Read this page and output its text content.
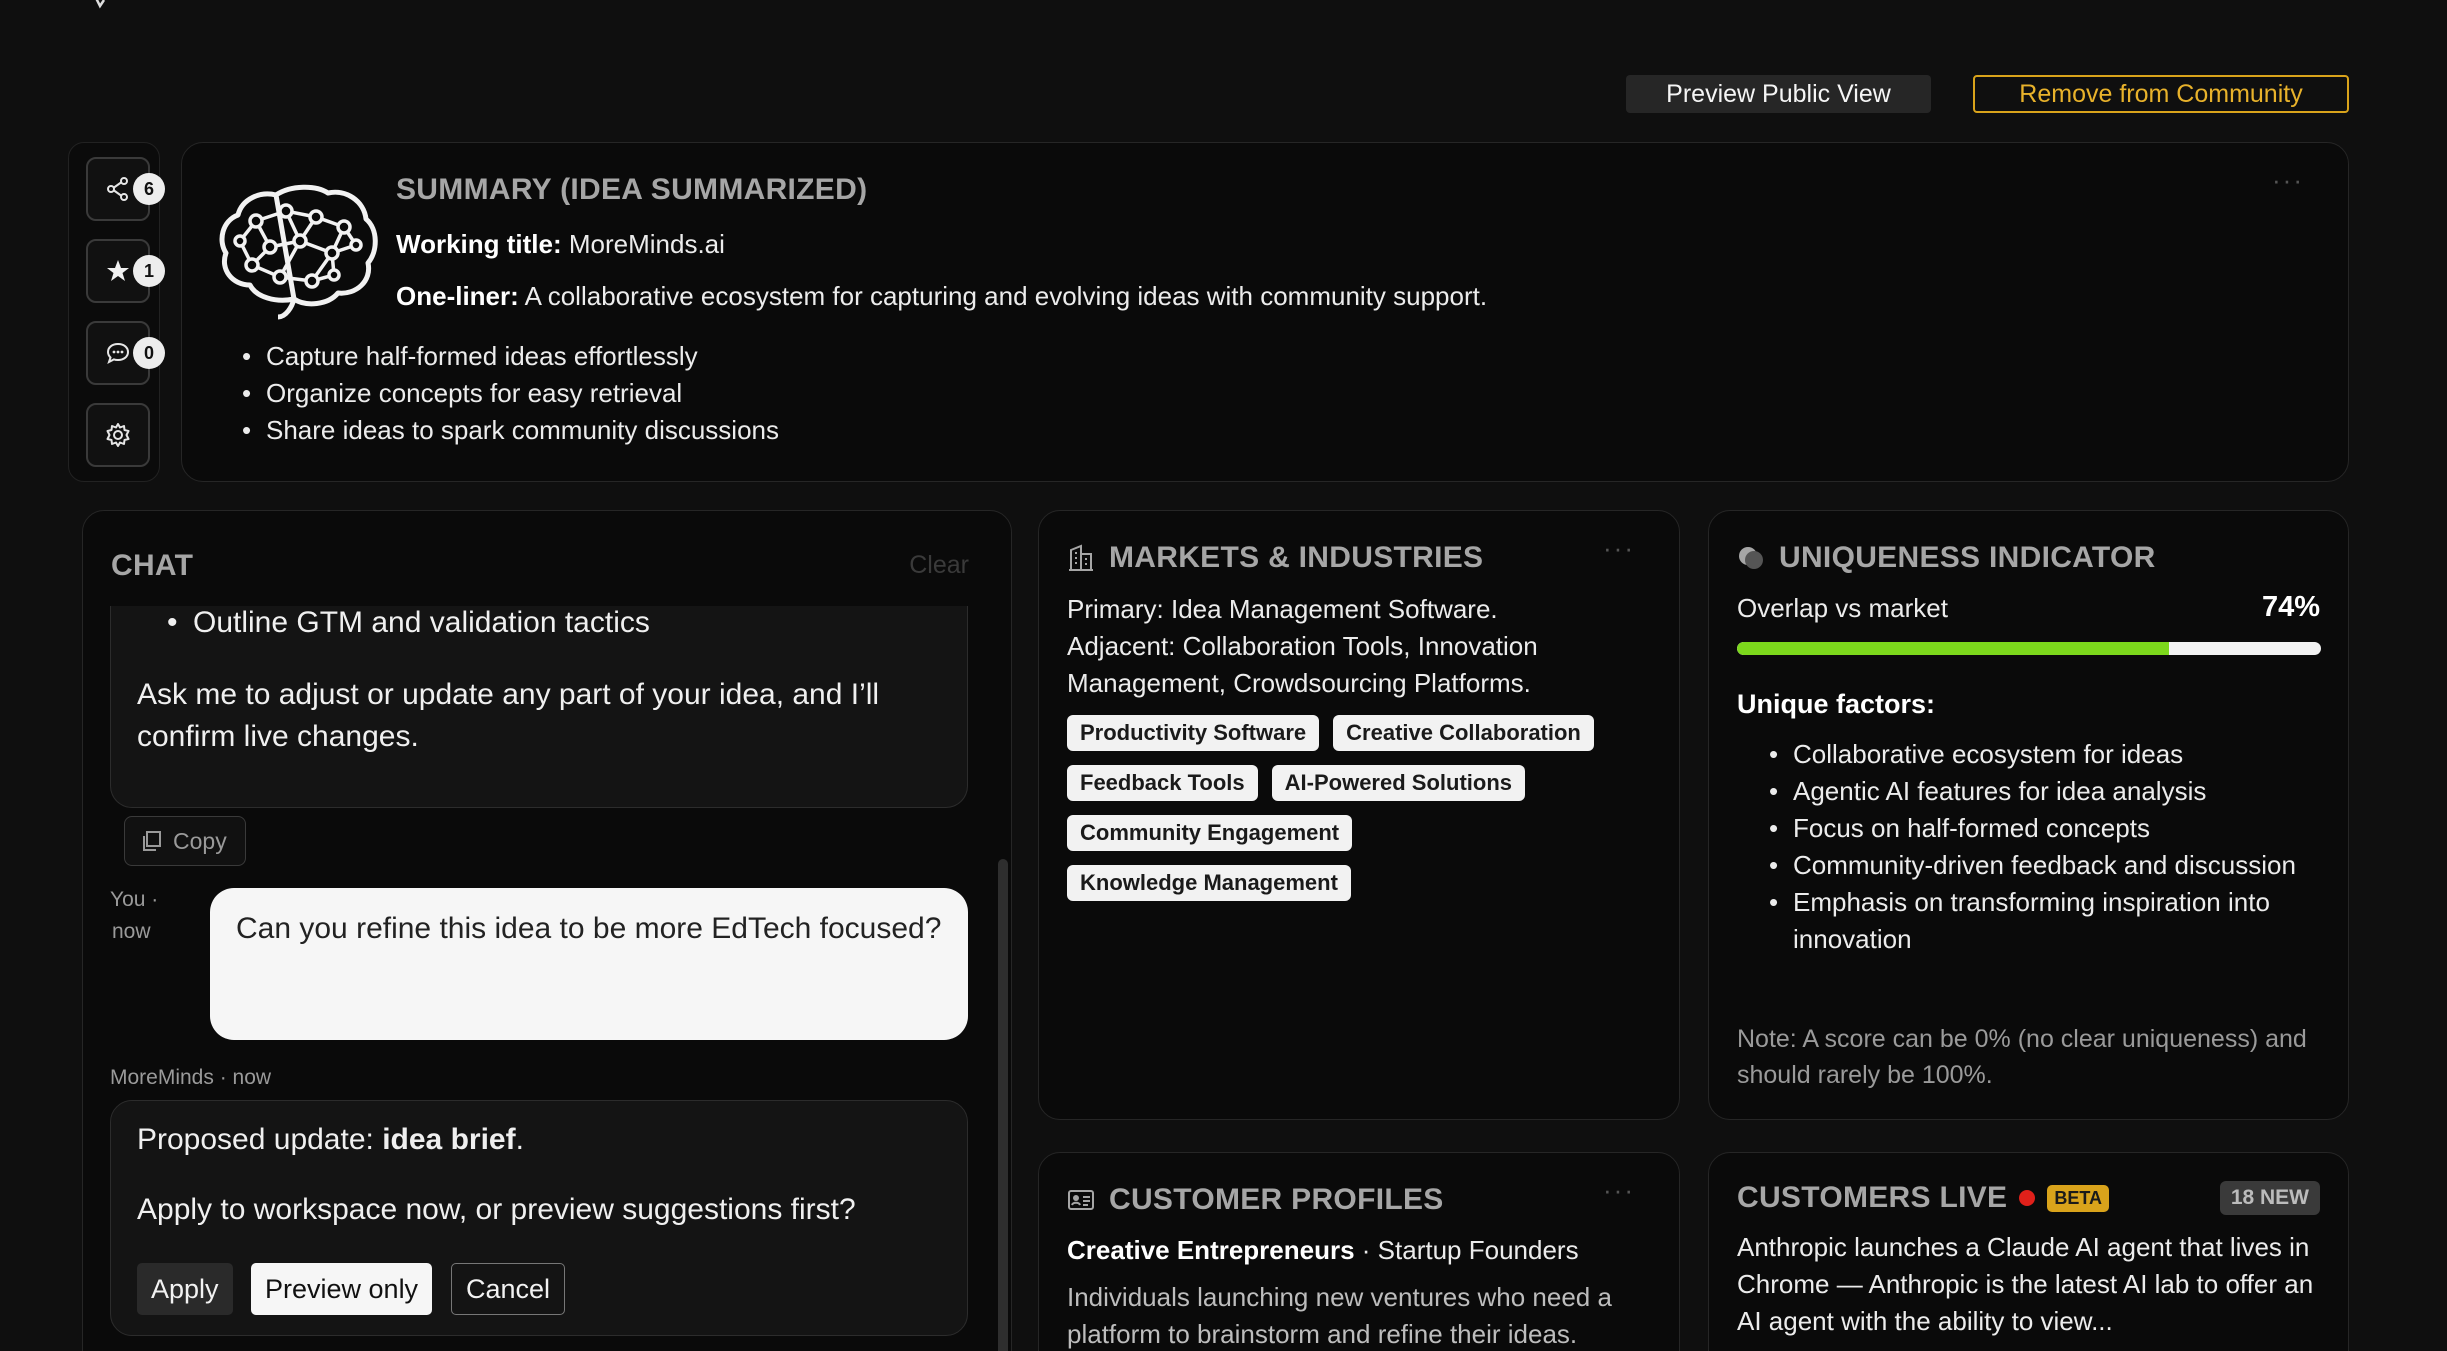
Preview Public View	Remove from Community
6
1
0
SUMMARY (IDEA SUMMARIZED)
Working title: MoreMinds.ai
One-liner: A collaborative ecosystem for capturing and evolving ideas with community support.
• Capture half-formed ideas effortlessly
• Organize concepts for easy retrieval
• Share ideas to spark community discussions
···
CHAT	Clear
• Outline GTM and validation tactics

Ask me to adjust or update any part of your idea, and I’ll confirm live changes.

Copy
You ·
now	Can you refine this idea to be more EdTech focused?
MoreMinds · now
Proposed update: idea brief.
Apply to workspace now, or preview suggestions first?
Apply	Preview only	Cancel
MARKETS & INDUSTRIES	···
Primary: Idea Management Software.
Adjacent: Collaboration Tools, Innovation Management, Crowdsourcing Platforms.
Productivity Software	Creative Collaboration
Feedback Tools	AI-Powered Solutions
Community Engagement
Knowledge Management
UNIQUENESS INDICATOR
Overlap vs market	74%
Unique factors:
• Collaborative ecosystem for ideas
• Agentic AI features for idea analysis
• Focus on half-formed concepts
• Community-driven feedback and discussion
• Emphasis on transforming inspiration into innovation
Note: A score can be 0% (no clear uniqueness) and should rarely be 100%.
CUSTOMER PROFILES	···
Creative Entrepreneurs · Startup Founders
Individuals launching new ventures who need a platform to brainstorm and refine their ideas.
CUSTOMERS LIVE	BETA	18 NEW
Anthropic launches a Claude AI agent that lives in Chrome — Anthropic is the latest AI lab to offer an AI agent with the ability to view...
